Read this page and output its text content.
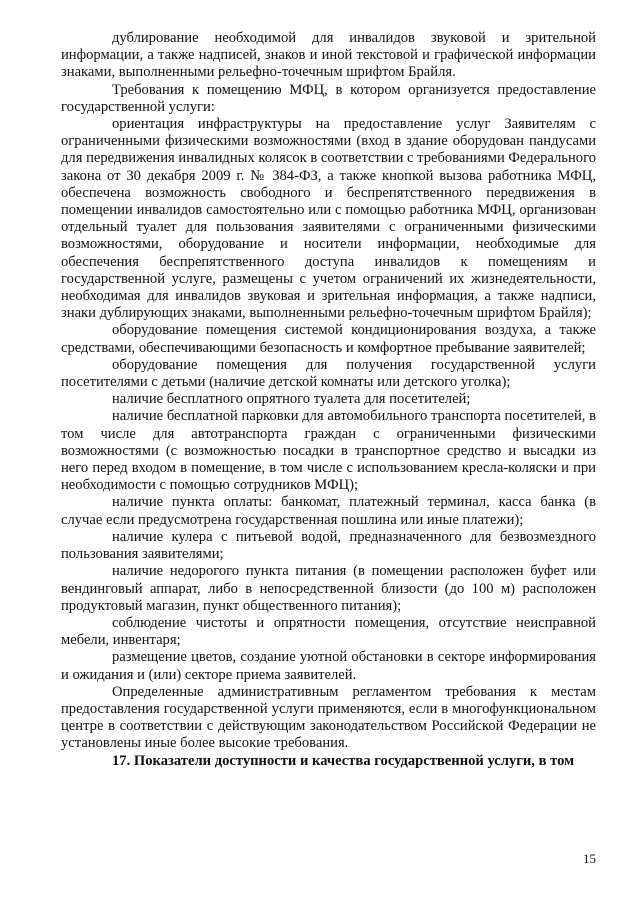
дублирование необходимой для инвалидов звуковой и зрительной информации, а также надписей, знаков и иной текстовой и графической информации знаками, выполненными рельефно-точечным шрифтом Брайля.

Требования к помещению МФЦ, в котором организуется предоставление государственной услуги:

ориентация инфраструктуры на предоставление услуг Заявителям с ограниченными физическими возможностями (вход в здание оборудован пандусами для передвижения инвалидных колясок в соответствии с требованиями Федерального закона от 30 декабря 2009 г. № 384-ФЗ, а также кнопкой вызова работника МФЦ, обеспечена возможность свободного и беспрепятственного передвижения в помещении инвалидов самостоятельно или с помощью работника МФЦ, организован отдельный туалет для пользования заявителями с ограниченными физическими возможностями, оборудование и носители информации, необходимые для обеспечения беспрепятственного доступа инвалидов к помещениям и государственной услуге, размещены с учетом ограничений их жизнедеятельности, необходимая для инвалидов звуковая и зрительная информация, а также надписи, знаки дублирующих знаками, выполненными рельефно-точечным шрифтом Брайля);

оборудование помещения системой кондиционирования воздуха, а также средствами, обеспечивающими безопасность и комфортное пребывание заявителей;

оборудование помещения для получения государственной услуги посетителями с детьми (наличие детской комнаты или детского уголка);

наличие бесплатного опрятного туалета для посетителей;

наличие бесплатной парковки для автомобильного транспорта посетителей, в том числе для автотранспорта граждан с ограниченными физическими возможностями (с возможностью посадки в транспортное средство и высадки из него перед входом в помещение, в том числе с использованием кресла-коляски и при необходимости с помощью сотрудников МФЦ);

наличие пункта оплаты: банкомат, платежный терминал, касса банка (в случае если предусмотрена государственная пошлина или иные платежи);

наличие кулера с питьевой водой, предназначенного для безвозмездного пользования заявителями;

наличие недорогого пункта питания (в помещении расположен буфет или вендинговый аппарат, либо в непосредственной близости (до 100 м) расположен продуктовый магазин, пункт общественного питания);

соблюдение чистоты и опрятности помещения, отсутствие неисправной мебели, инвентаря;

размещение цветов, создание уютной обстановки в секторе информирования и ожидания и (или) секторе приема заявителей.

Определенные административным регламентом требования к местам предоставления государственной услуги применяются, если в многофункциональном центре в соответствии с действующим законодательством Российской Федерации не установлены иные более высокие требования.

17. Показатели доступности и качества государственной услуги, в том

15
